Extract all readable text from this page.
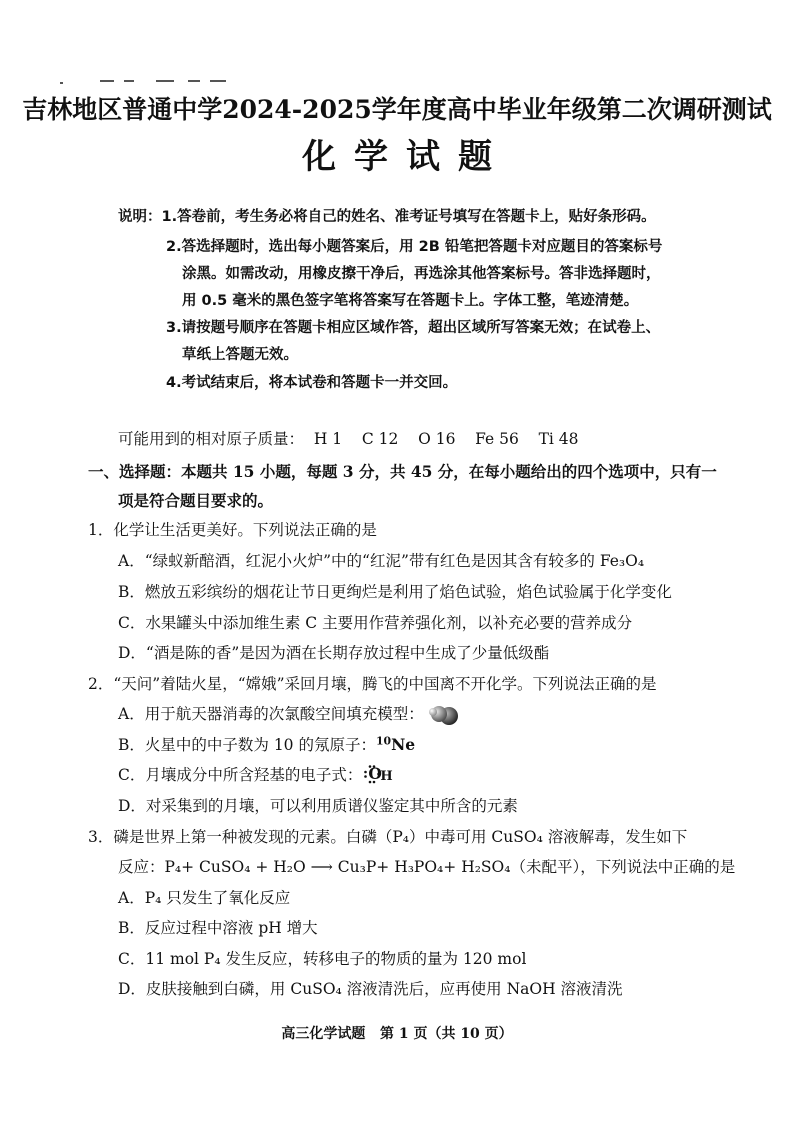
吉林地区普通中学2024-2025学年度高中毕业年级第二次调研测试
化学试题
说明：1.答卷前，考生务必将自己的姓名、准考证号填写在答题卡上，贴好条形码。
2.答选择题时，选出每小题答案后，用 2B 铅笔把答题卡对应题目的答案标号
涂黑。如需改动，用橡皮擦干净后，再选涂其他答案标号。答非选择题时，
用 0.5 毫米的黑色签字笔将答案写在答题卡上。字体工整，笔迹清楚。
3.请按题号顺序在答题卡相应区域作答，超出区域所写答案无效；在试卷上、
草纸上答题无效。
4.考试结束后，将本试卷和答题卡一并交回。
可能用到的相对原子质量：  H 1    C 12    O 16    Fe 56    Ti 48
一、选择题：本题共 15 小题，每题 3 分，共 45 分，在每小题给出的四个选项中，只有一
项是符合题目要求的。
1．化学让生活更美好。下列说法正确的是
A．“绿蚁新醅酒，红泥小火炉”中的“红泥”带有红色是因其含有较多的 Fe₃O₄
B．燃放五彩缤纷的烟花让节日更绚烂是利用了焰色试验，焰色试验属于化学变化
C．水果罐头中添加维生素 C 主要用作营养强化剂，以补充必要的营养成分
D．“酒是陈的香”是因为酒在长期存放过程中生成了少量低级酯
2．“天问”着陆火星，“嫦娥”采回月壤，腾飞的中国离不开化学。下列说法正确的是
A．用于航天器消毒的次氯酸空间填充模型：
B．火星中的中子数为 10 的氖原子：$^{10}$Ne
C．月壤成分中所含羟基的电子式： O
H
D．对采集到的月壤，可以利用质谱仪鉴定其中所含的元素
3．磷是世界上第一种被发现的元素。白磷（P₄）中毒可用 CuSO₄ 溶液解毒，发生如下
反应：P₄+ CuSO₄ + H₂O ⟶ Cu₃P+ H₃PO₄+ H₂SO₄（未配平），下列说法中正确的是
A．P₄ 只发生了氧化反应
B．反应过程中溶液 pH 增大
C．11 mol P₄ 发生反应，转移电子的物质的量为 120 mol
D．皮肤接触到白磷，用 CuSO₄ 溶液清洗后，应再使用 NaOH 溶液清洗
高三化学试题   第 1 页（共 10 页）
